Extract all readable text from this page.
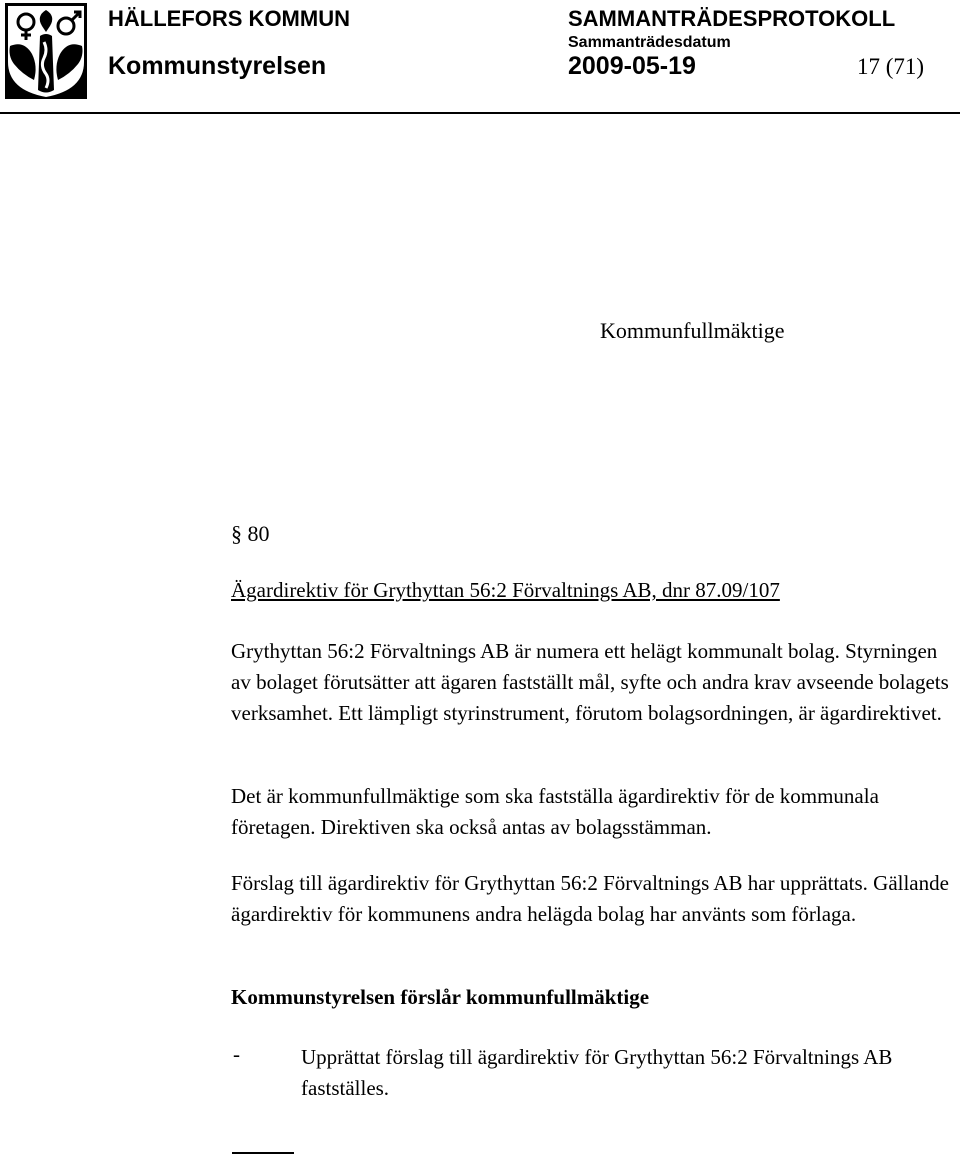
HÄLLEFORS KOMMUN

Kommunstyrelsen

SAMMANTRÄDESPROTOKOLL

Sammanträdesdatum

2009-05-19	17 (71)

Kommunfullmäktige

§ 80

Ägardirektiv för Grythyttan 56:2 Förvaltnings AB, dnr 87.09/107

Grythyttan 56:2 Förvaltnings AB är numera ett helägt kommunalt bolag. Styrningen av bolaget förutsätter att ägaren fastställt mål, syfte och andra krav avseende bolagets verksamhet. Ett lämpligt styrinstrument, förutom bolagsordningen, är ägardirektivet.

Det är kommunfullmäktige som ska fastställa ägardirektiv för de kommunala företagen. Direktiven ska också antas av bolagsstämman.

Förslag till ägardirektiv för Grythyttan 56:2 Förvaltnings AB har upprättats. Gällande ägardirektiv för kommunens andra helägda bolag har använts som förlaga.

Kommunstyrelsen förslår kommunfullmäktige

-	Upprättat förslag till ägardirektiv för Grythyttan 56:2 Förvaltnings AB fastställes.
